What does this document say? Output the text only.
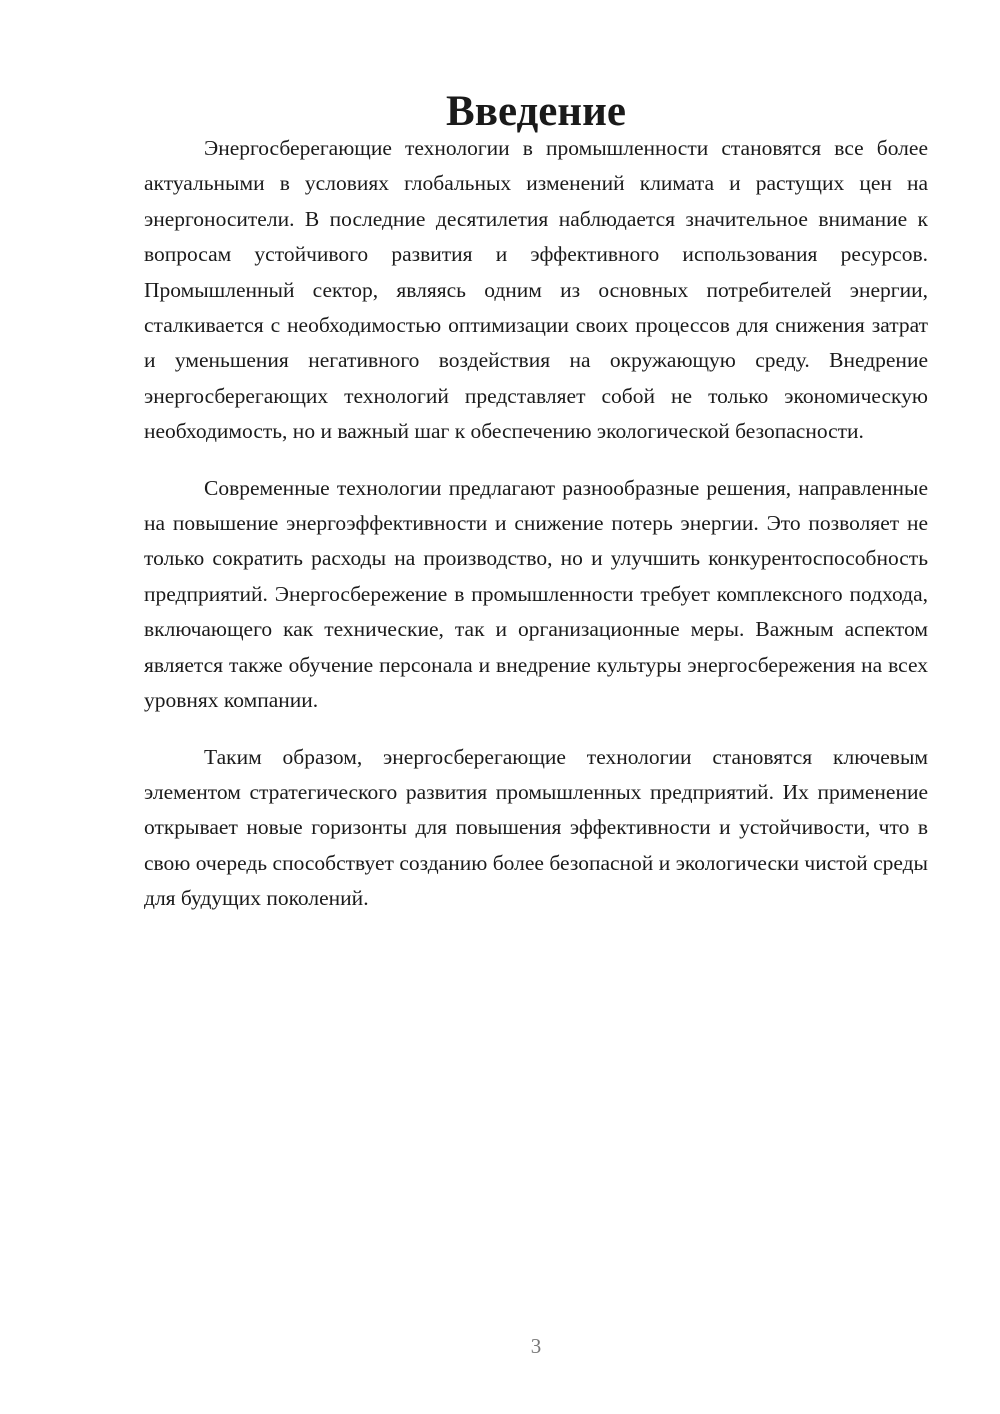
Введение

Энергосберегающие технологии в промышленности становятся все более актуальными в условиях глобальных изменений климата и растущих цен на энергоносители. В последние десятилетия наблюдается значительное внимание к вопросам устойчивого развития и эффективного использования ресурсов. Промышленный сектор, являясь одним из основных потребителей энергии, сталкивается с необходимостью оптимизации своих процессов для снижения затрат и уменьшения негативного воздействия на окружающую среду. Внедрение энергосберегающих технологий представляет собой не только экономическую необходимость, но и важный шаг к обеспечению экологической безопасности.

Современные технологии предлагают разнообразные решения, направленные на повышение энергоэффективности и снижение потерь энергии. Это позволяет не только сократить расходы на производство, но и улучшить конкурентоспособность предприятий. Энергосбережение в промышленности требует комплексного подхода, включающего как технические, так и организационные меры. Важным аспектом является также обучение персонала и внедрение культуры энергосбережения на всех уровнях компании.

Таким образом, энергосберегающие технологии становятся ключевым элементом стратегического развития промышленных предприятий. Их применение открывает новые горизонты для повышения эффективности и устойчивости, что в свою очередь способствует созданию более безопасной и экологически чистой среды для будущих поколений.

3
